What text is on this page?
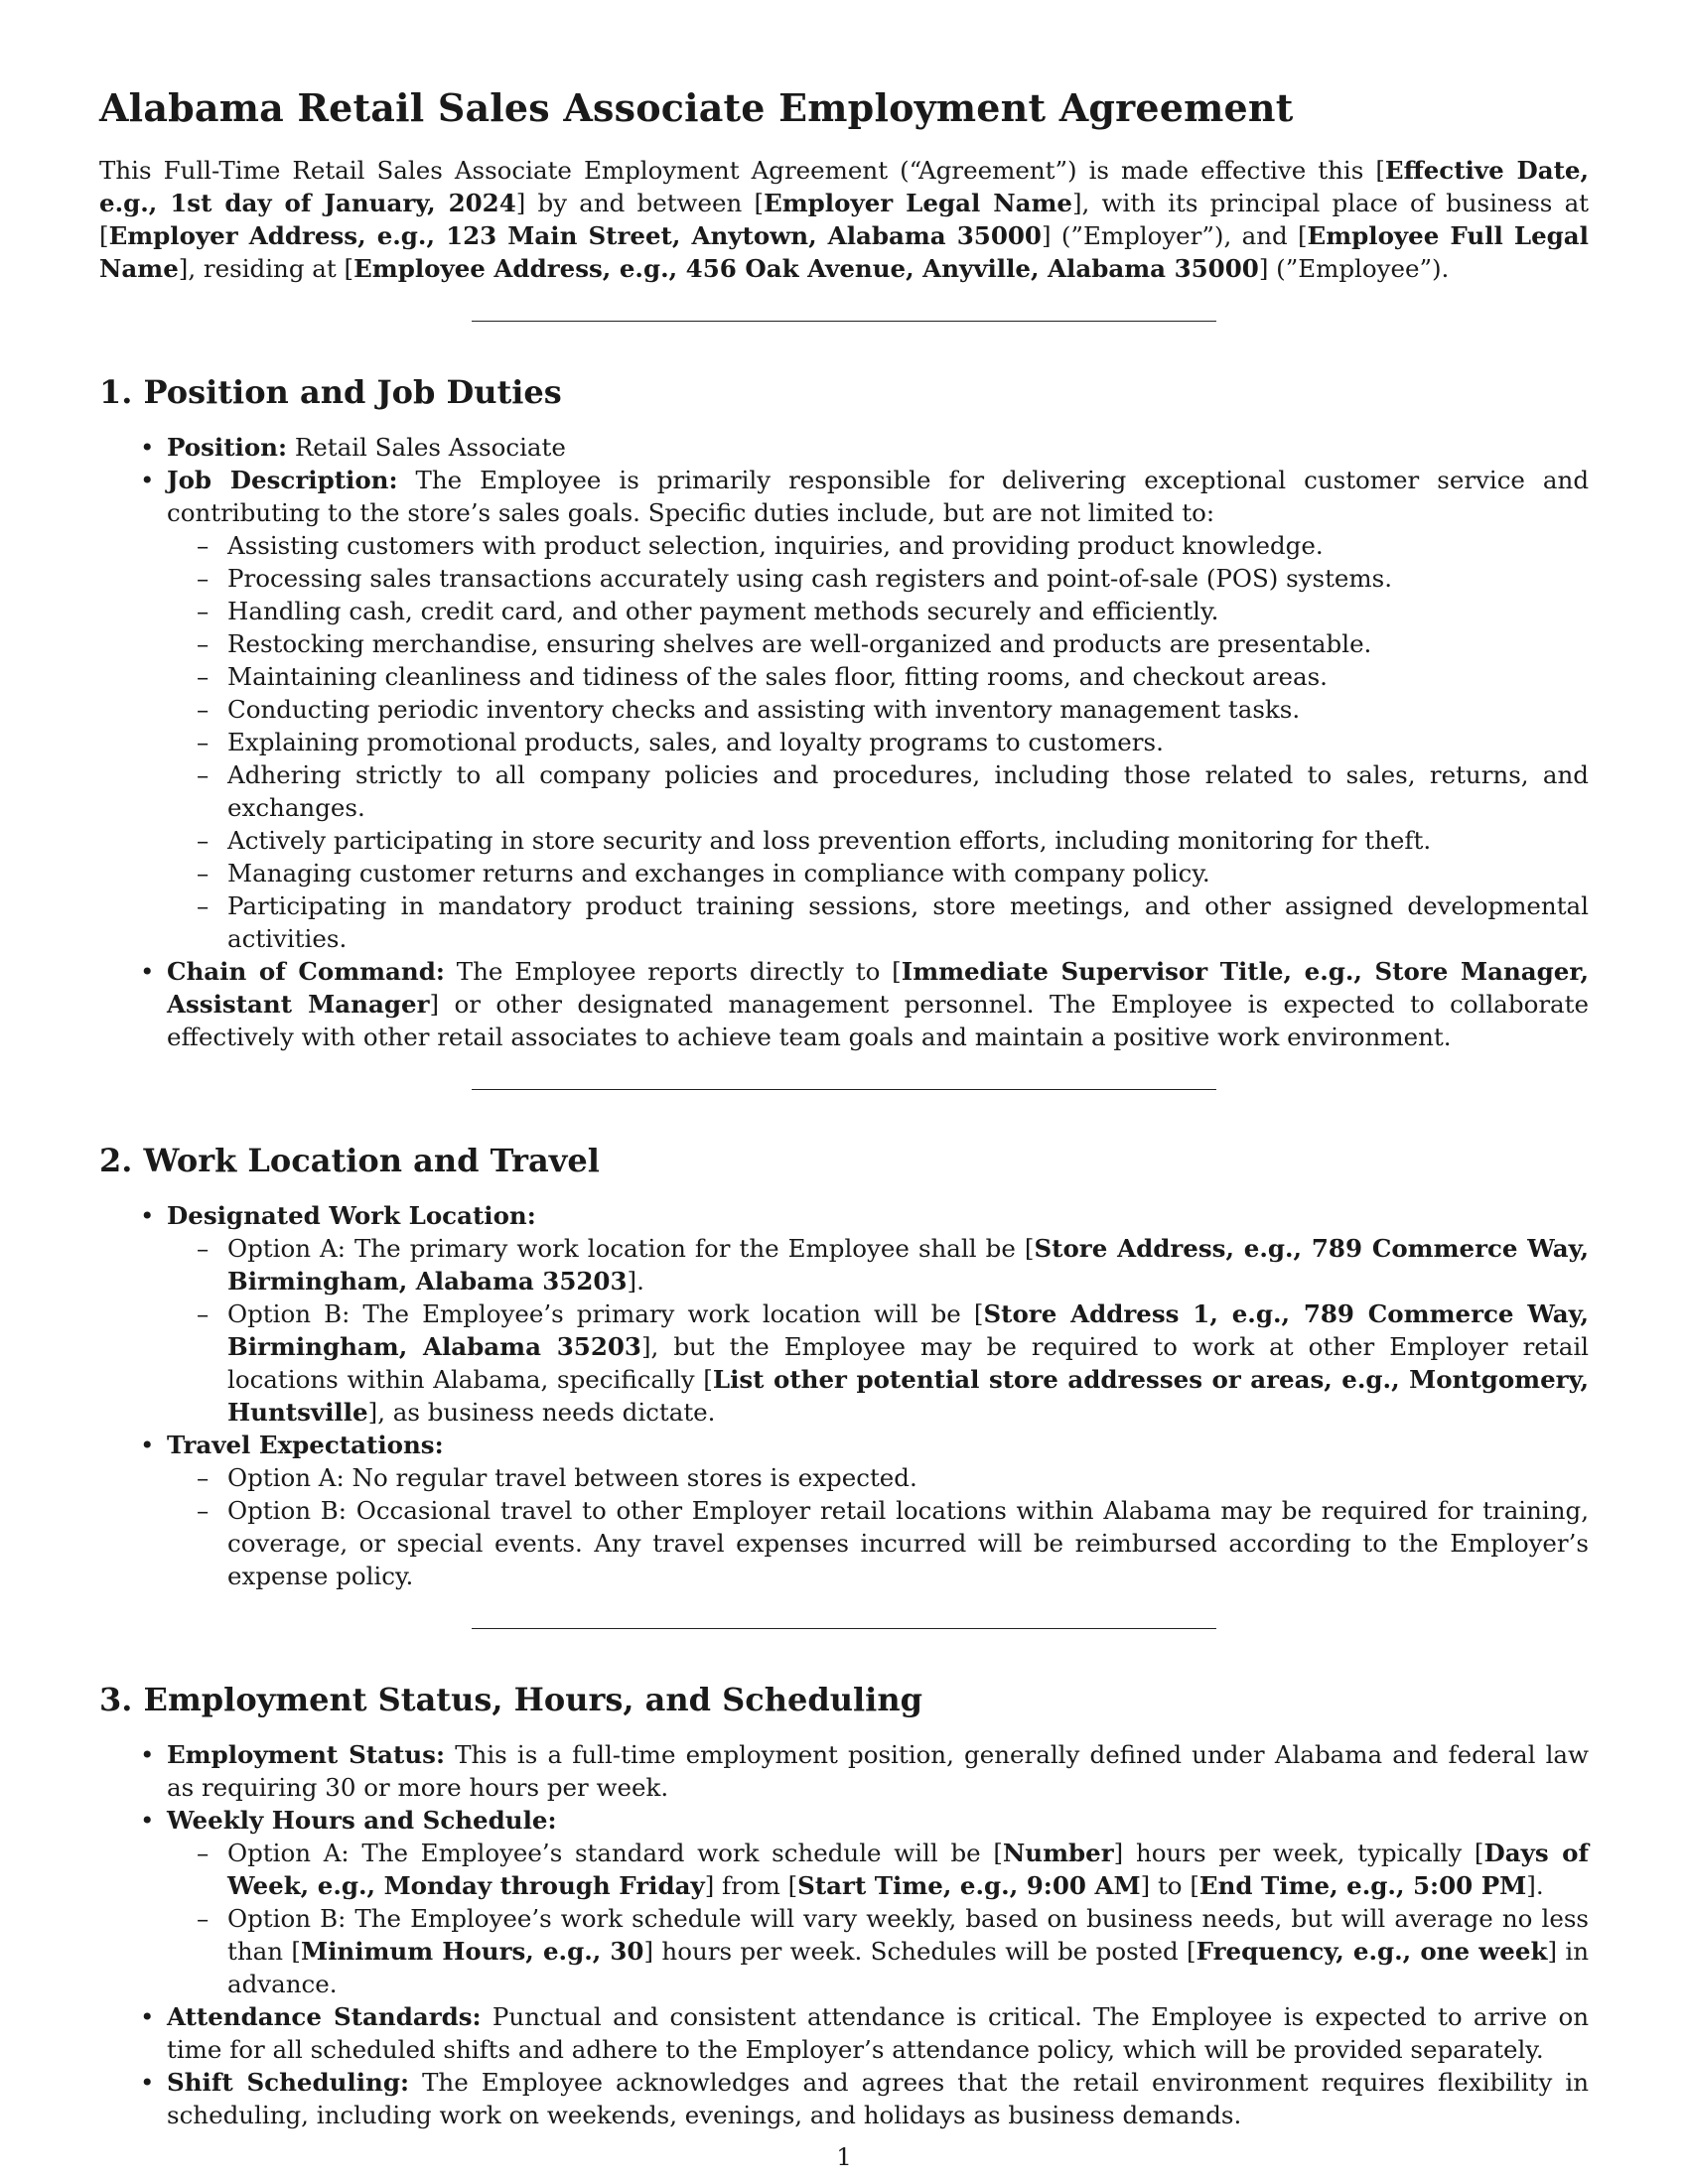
Alabama Retail Sales Associate Employment Agreement

This Full-Time Retail Sales Associate Employment Agreement (“Agreement”) is made effective this [Effective Date, e.g., 1st day of January, 2024] by and between [Employer Legal Name], with its principal place of business at [Employer Address, e.g., 123 Main Street, Anytown, Alabama 35000] (”Employer”), and [Employee Full Legal Name], residing at [Employee Address, e.g., 456 Oak Avenue, Anyville, Alabama 35000] (”Employee”).

1. Position and Job Duties
• Position: Retail Sales Associate
• Job Description: The Employee is primarily responsible for delivering exceptional customer service and contributing to the store’s sales goals. Specific duties include, but are not limited to:
– Assisting customers with product selection, inquiries, and providing product knowledge.
– Processing sales transactions accurately using cash registers and point-of-sale (POS) systems.
– Handling cash, credit card, and other payment methods securely and efficiently.
– Restocking merchandise, ensuring shelves are well-organized and products are presentable.
– Maintaining cleanliness and tidiness of the sales floor, fitting rooms, and checkout areas.
– Conducting periodic inventory checks and assisting with inventory management tasks.
– Explaining promotional products, sales, and loyalty programs to customers.
– Adhering strictly to all company policies and procedures, including those related to sales, returns, and exchanges.
– Actively participating in store security and loss prevention efforts, including monitoring for theft.
– Managing customer returns and exchanges in compliance with company policy.
– Participating in mandatory product training sessions, store meetings, and other assigned developmental activities.
• Chain of Command: The Employee reports directly to [Immediate Supervisor Title, e.g., Store Manager, Assistant Manager] or other designated management personnel. The Employee is expected to collaborate effectively with other retail associates to achieve team goals and maintain a positive work environment.
2. Work Location and Travel
• Designated Work Location:
– Option A: The primary work location for the Employee shall be [Store Address, e.g., 789 Commerce Way, Birmingham, Alabama 35203].
– Option B: The Employee’s primary work location will be [Store Address 1, e.g., 789 Commerce Way, Birmingham, Alabama 35203], but the Employee may be required to work at other Employer retail locations within Alabama, specifically [List other potential store addresses or areas, e.g., Montgomery, Huntsville], as business needs dictate.
• Travel Expectations:
– Option A: No regular travel between stores is expected.
– Option B: Occasional travel to other Employer retail locations within Alabama may be required for training, coverage, or special events. Any travel expenses incurred will be reimbursed according to the Employer’s expense policy.
3. Employment Status, Hours, and Scheduling
• Employment Status: This is a full-time employment position, generally defined under Alabama and federal law as requiring 30 or more hours per week.
• Weekly Hours and Schedule:
– Option A: The Employee’s standard work schedule will be [Number] hours per week, typically [Days of Week, e.g., Monday through Friday] from [Start Time, e.g., 9:00 AM] to [End Time, e.g., 5:00 PM].
– Option B: The Employee’s work schedule will vary weekly, based on business needs, but will average no less than [Minimum Hours, e.g., 30] hours per week. Schedules will be posted [Frequency, e.g., one week] in advance.
• Attendance Standards: Punctual and consistent attendance is critical. The Employee is expected to arrive on time for all scheduled shifts and adhere to the Employer’s attendance policy, which will be provided separately.
• Shift Scheduling: The Employee acknowledges and agrees that the retail environment requires flexibility in scheduling, including work on weekends, evenings, and holidays as business demands.
1
